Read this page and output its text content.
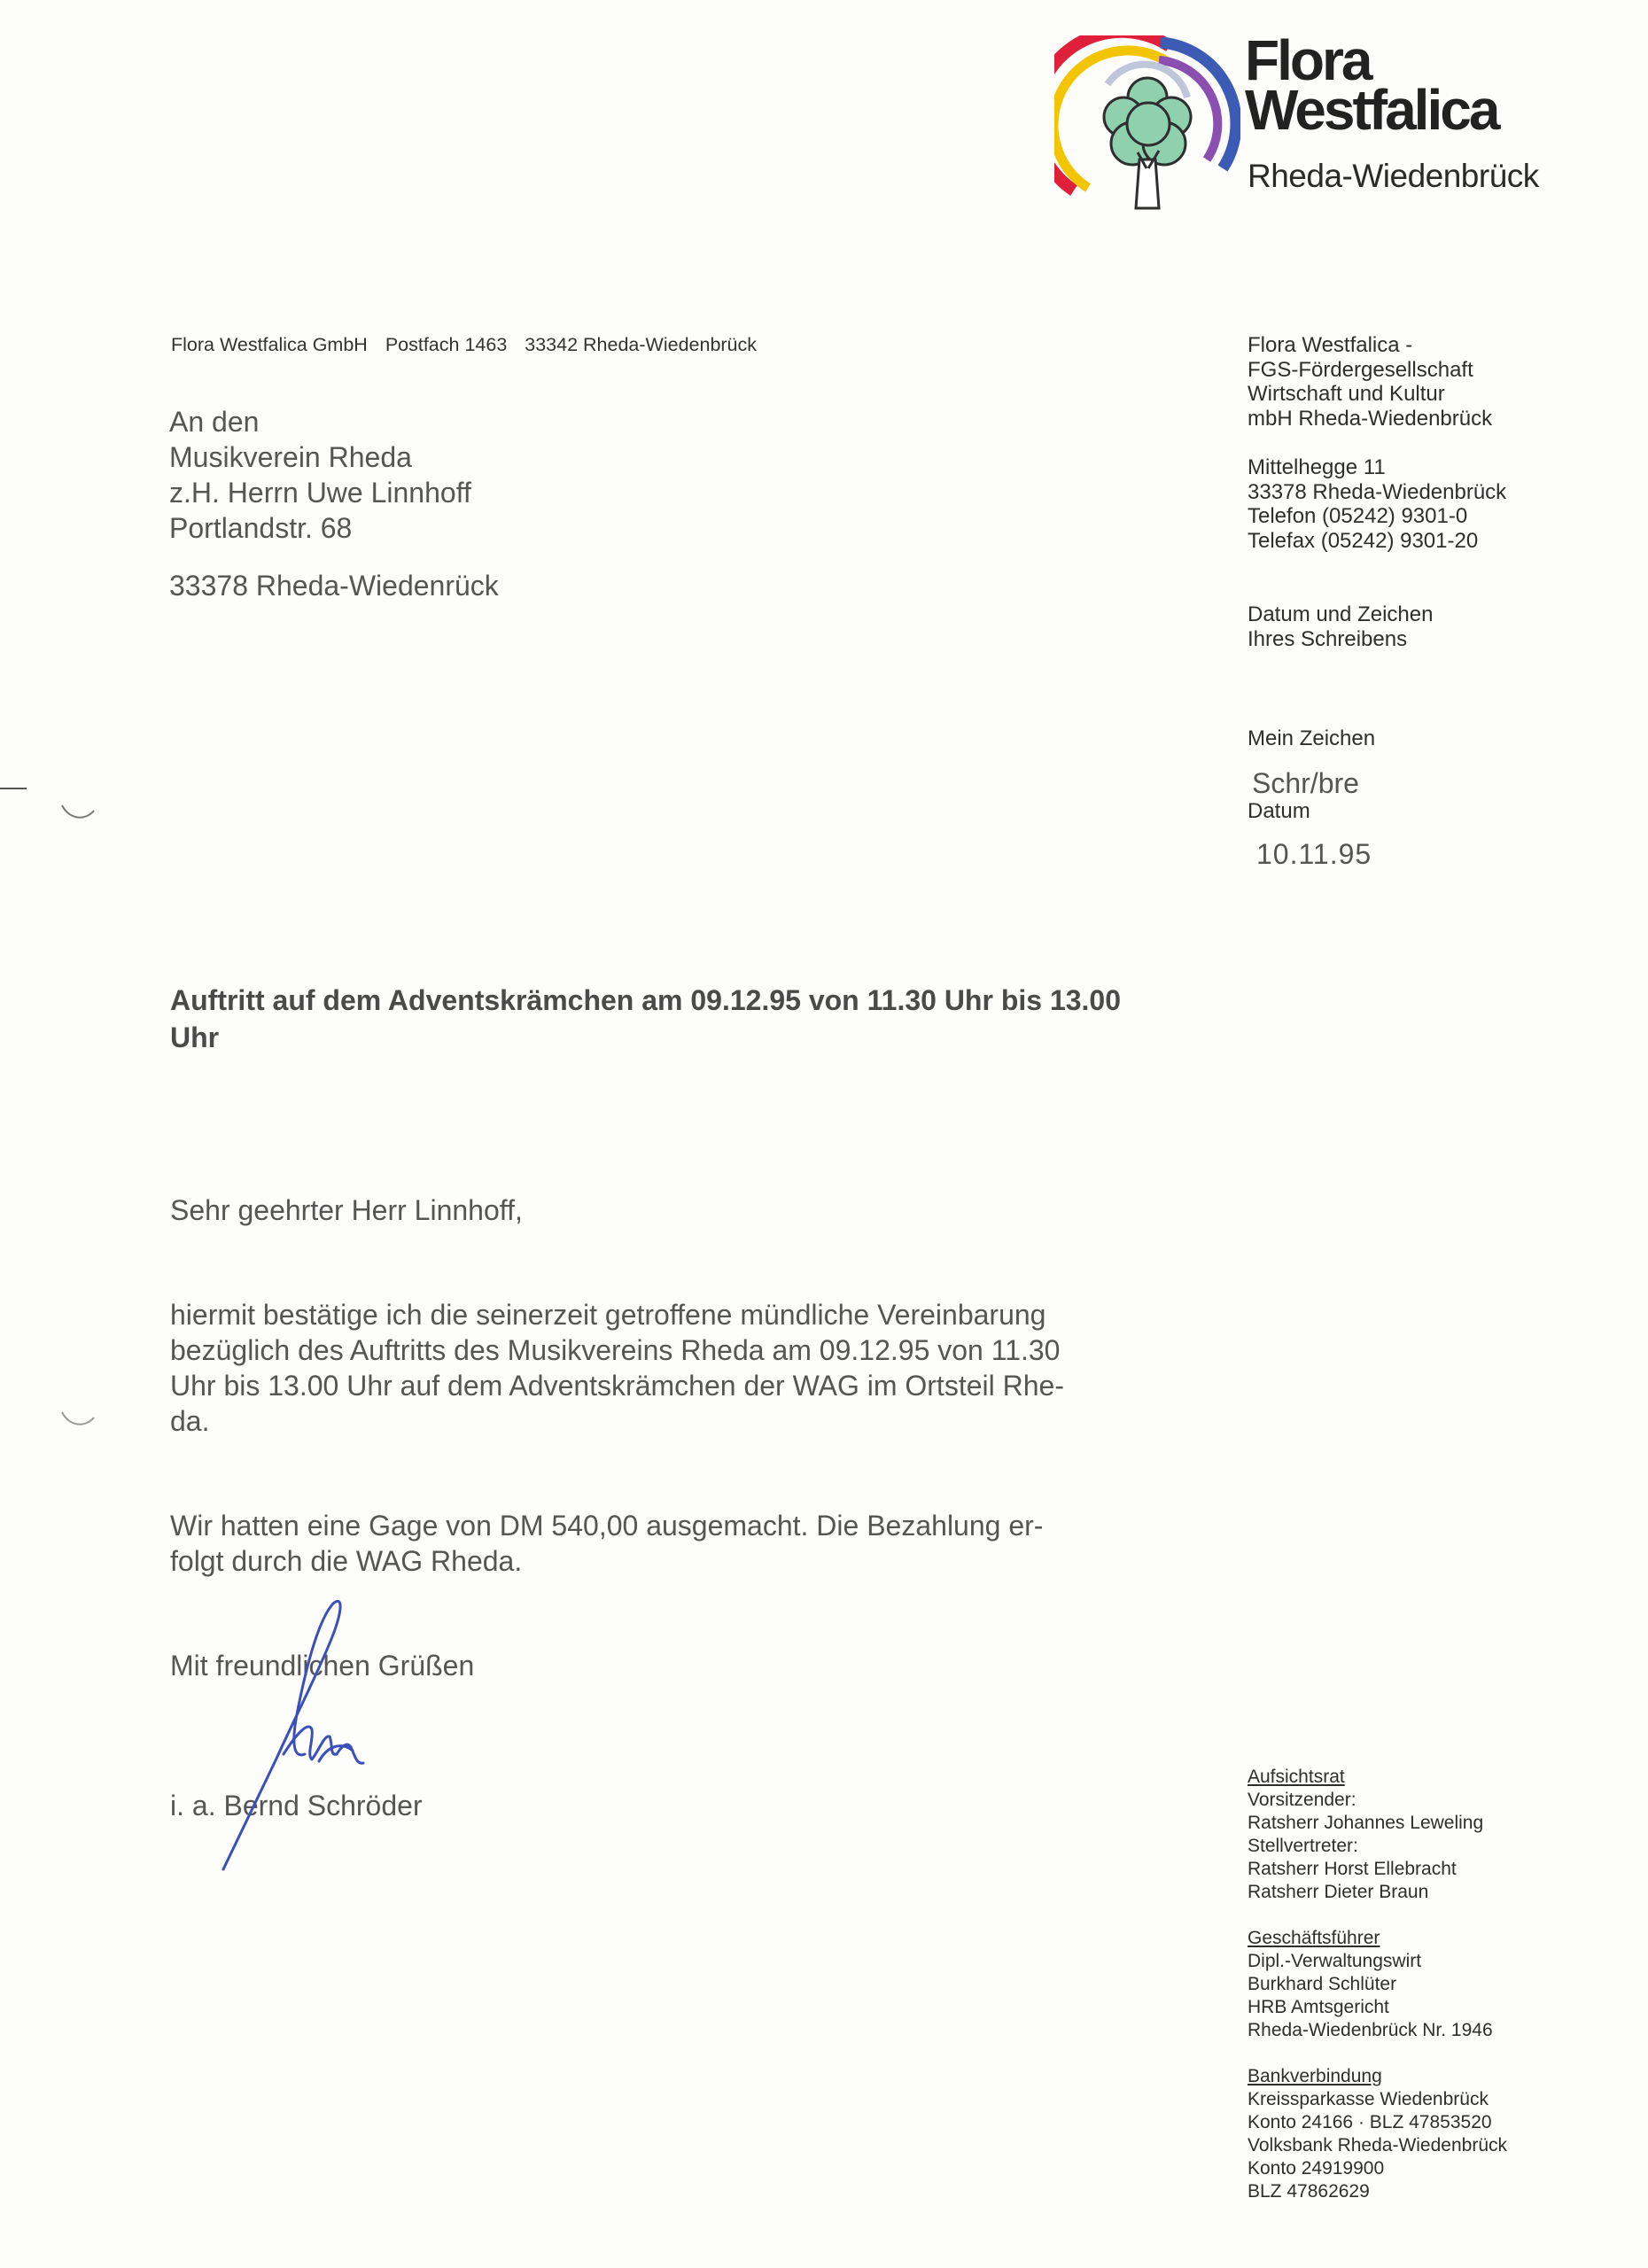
Flora
Westfalica
Rheda-Wiedenbrück
Flora Westfalica GmbH Postfach 1463 33342 Rheda-Wiedenbrück
An den
Musikverein Rheda
z.H. Herrn Uwe Linnhoff
Portlandstr. 68
33378 Rheda-Wiedenrück
Flora Westfalica -
FGS-Fördergesellschaft
Wirtschaft und Kultur
mbH Rheda-Wiedenbrück
Mittelhegge 11
33378 Rheda-Wiedenbrück
Telefon (05242) 9301-0
Telefax (05242) 9301-20
Datum und Zeichen
Ihres Schreibens
Mein Zeichen
Schr/bre
Datum
10.11.95
Auftritt auf dem Adventskrämchen am 09.12.95 von 11.30 Uhr bis 13.00 Uhr
Sehr geehrter Herr Linnhoff,
hiermit bestätige ich die seinerzeit getroffene mündliche Vereinbarung
bezüglich des Auftritts des Musikvereins Rheda am 09.12.95 von 11.30
Uhr bis 13.00 Uhr auf dem Adventskrämchen der WAG im Ortsteil Rhe-
da.
Wir hatten eine Gage von DM 540,00 ausgemacht. Die Bezahlung er-
folgt durch die WAG Rheda.
Mit freundlichen Grüßen
i. a. Bernd Schröder
Aufsichtsrat
Vorsitzender:
Ratsherr Johannes Leweling
Stellvertreter:
Ratsherr Horst Ellebracht
Ratsherr Dieter Braun
Geschäftsführer
Dipl.-Verwaltungswirt
Burkhard Schlüter
HRB Amtsgericht
Rheda-Wiedenbrück Nr. 1946
Bankverbindung
Kreissparkasse Wiedenbrück
Konto 24166 · BLZ 47853520
Volksbank Rheda-Wiedenbrück
Konto 24919900
BLZ 47862629
